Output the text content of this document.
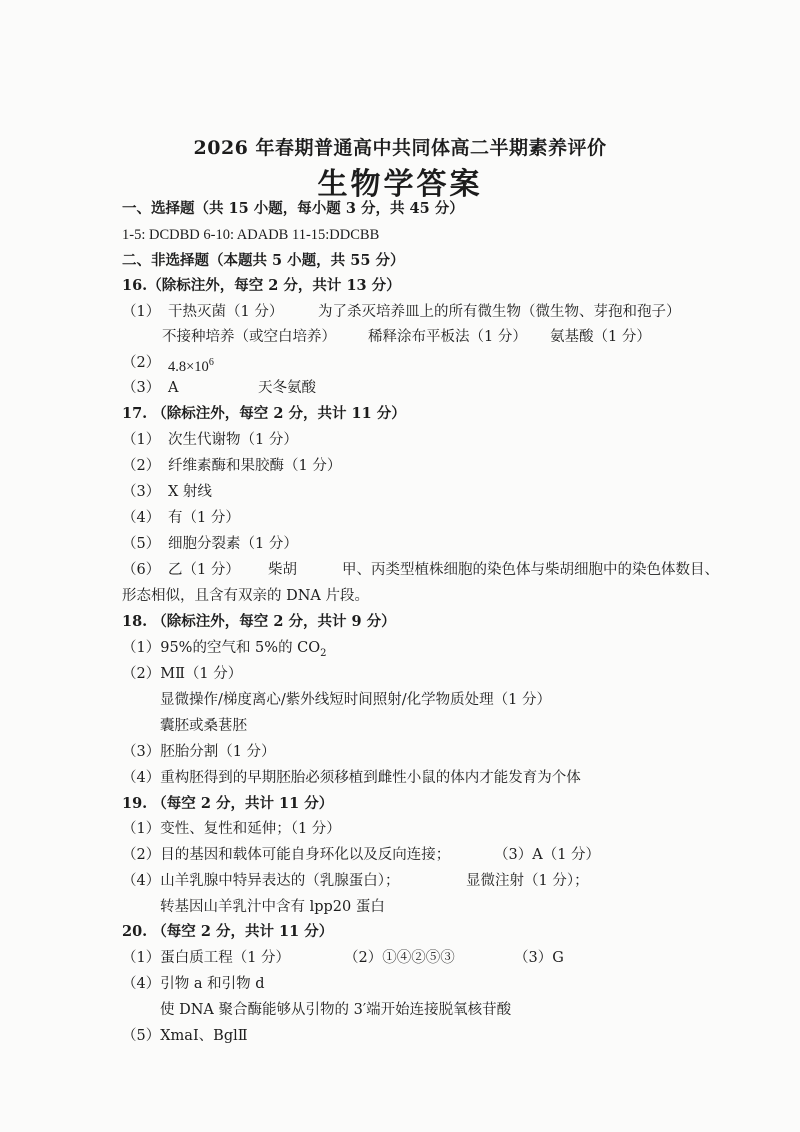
2026 年春期普通高中共同体高二半期素养评价
生物学答案
一、选择题（共 15 小题，每小题 3 分，共 45 分）
1-5: DCDBD 6-10: ADADB 11-15:DDCBB
二、非选择题（本题共 5 小题，共 55 分）
16.（除标注外，每空 2 分，共计 13 分）
（1） 干热灭菌（1 分） 为了杀灭培养皿上的所有微生物（微生物、芽孢和孢子）
不接种培养（或空白培养） 稀释涂布平板法（1 分） 氨基酸（1 分）
（2） $4.8\times 10^6$
（3） A	天冬氨酸
17. （除标注外，每空 2 分，共计 11 分）
（1） 次生代谢物（1 分）
（2） 纤维素酶和果胶酶（1 分）
（3） X 射线
（4） 有（1 分）
（5） 细胞分裂素（1 分）
（6） 乙（1 分） 柴胡	甲、丙类型植株细胞的染色体与柴胡细胞中的染色体数目、
形态相似，且含有双亲的 DNA 片段。
18. （除标注外，每空 2 分，共计 9 分）
（1）95%的空气和 5%的 $CO_2$
（2）MⅡ（1 分）
显微操作/梯度离心/紫外线短时间照射/化学物质处理（1 分）
囊胚或桑葚胚
（3）胚胎分割（1 分）
（4）重构胚得到的早期胚胎必须移植到雌性小鼠的体内才能发育为个体
19. （每空 2 分，共计 11 分）
（1）变性、复性和延伸；（1 分）
（2）目的基因和载体可能自身环化以及反向连接；	（3）A（1 分）
（4）山羊乳腺中特异表达的（乳腺蛋白）；	显微注射（1 分）；
转基因山羊乳汁中含有 lpp20 蛋白
20. （每空 2 分，共计 11 分）
（1）蛋白质工程（1 分）	（2）①④②⑤③	（3）G
（4）引物 a 和引物 d
使 DNA 聚合酶能够从引物的 3′端开始连接脱氧核苷酸
（5）XmaⅠ、BglⅡ
